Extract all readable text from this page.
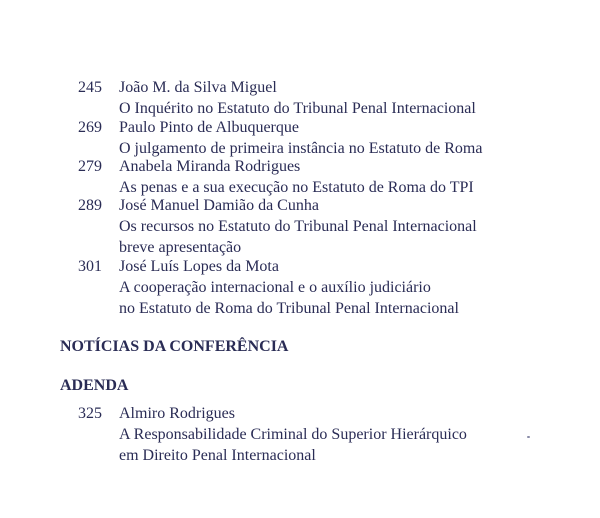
245	João M. da Silva Miguel
O Inquérito no Estatuto do Tribunal Penal Internacional
269	Paulo Pinto de Albuquerque
O julgamento de primeira instância no Estatuto de Roma
279	Anabela Miranda Rodrigues
As penas e a sua execução no Estatuto de Roma do TPI
289	José Manuel Damião da Cunha
Os recursos no Estatuto do Tribunal Penal Internacional
breve apresentação
301	José Luís Lopes da Mota
A cooperação internacional e o auxílio judiciário
no Estatuto de Roma do Tribunal Penal Internacional
NOTÍCIAS DA CONFERÊNCIA
ADENDA
325	Almiro Rodrigues
A Responsabilidade Criminal do Superior Hierárquico
em Direito Penal Internacional
